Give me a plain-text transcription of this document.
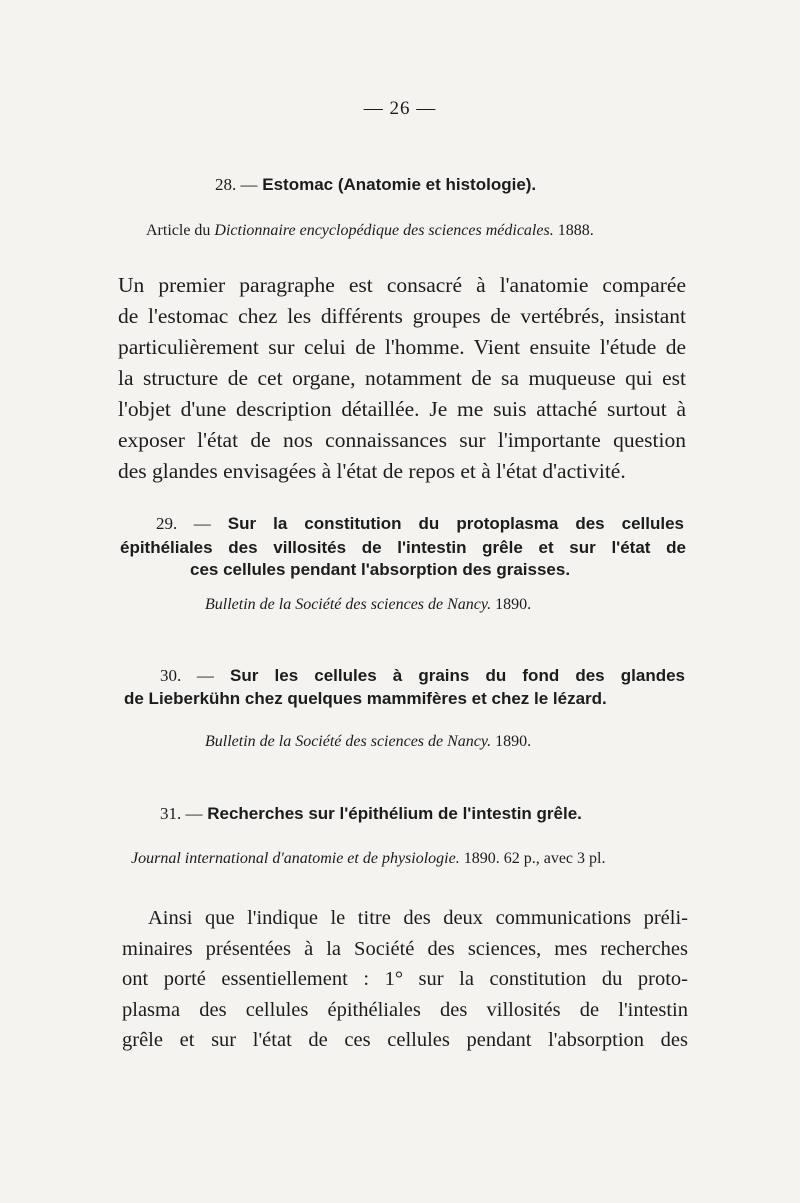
— 26 —
28. — Estomac (Anatomie et histologie).
Article du Dictionnaire encyclopédique des sciences médicales. 1888.
Un premier paragraphe est consacré à l'anatomie comparée
de l'estomac chez les différents groupes de vertébrés, insistant
particulièrement sur celui de l'homme. Vient ensuite l'étude de
la structure de cet organe, notamment de sa muqueuse qui est
l'objet d'une description détaillée. Je me suis attaché surtout à
exposer l'état de nos connaissances sur l'importante question
des glandes envisagées à l'état de repos et à l'état d'activité.
29. — Sur la constitution du protoplasma des cellules
épithéliales des villosités de l'intestin grêle et sur l'état de
ces cellules pendant l'absorption des graisses.
Bulletin de la Société des sciences de Nancy. 1890.
30. — Sur les cellules à grains du fond des glandes
de Lieberkühn chez quelques mammifères et chez le lézard.
Bulletin de la Société des sciences de Nancy. 1890.
31. — Recherches sur l'épithélium de l'intestin grêle.
Journal international d'anatomie et de physiologie. 1890. 62 p., avec 3 pl.
Ainsi que l'indique le titre des deux communications préli-
minaires présentées à la Société des sciences, mes recherches
ont porté essentiellement : 1° sur la constitution du proto-
plasma des cellules épithéliales des villosités de l'intestin
grêle et sur l'état de ces cellules pendant l'absorption des
